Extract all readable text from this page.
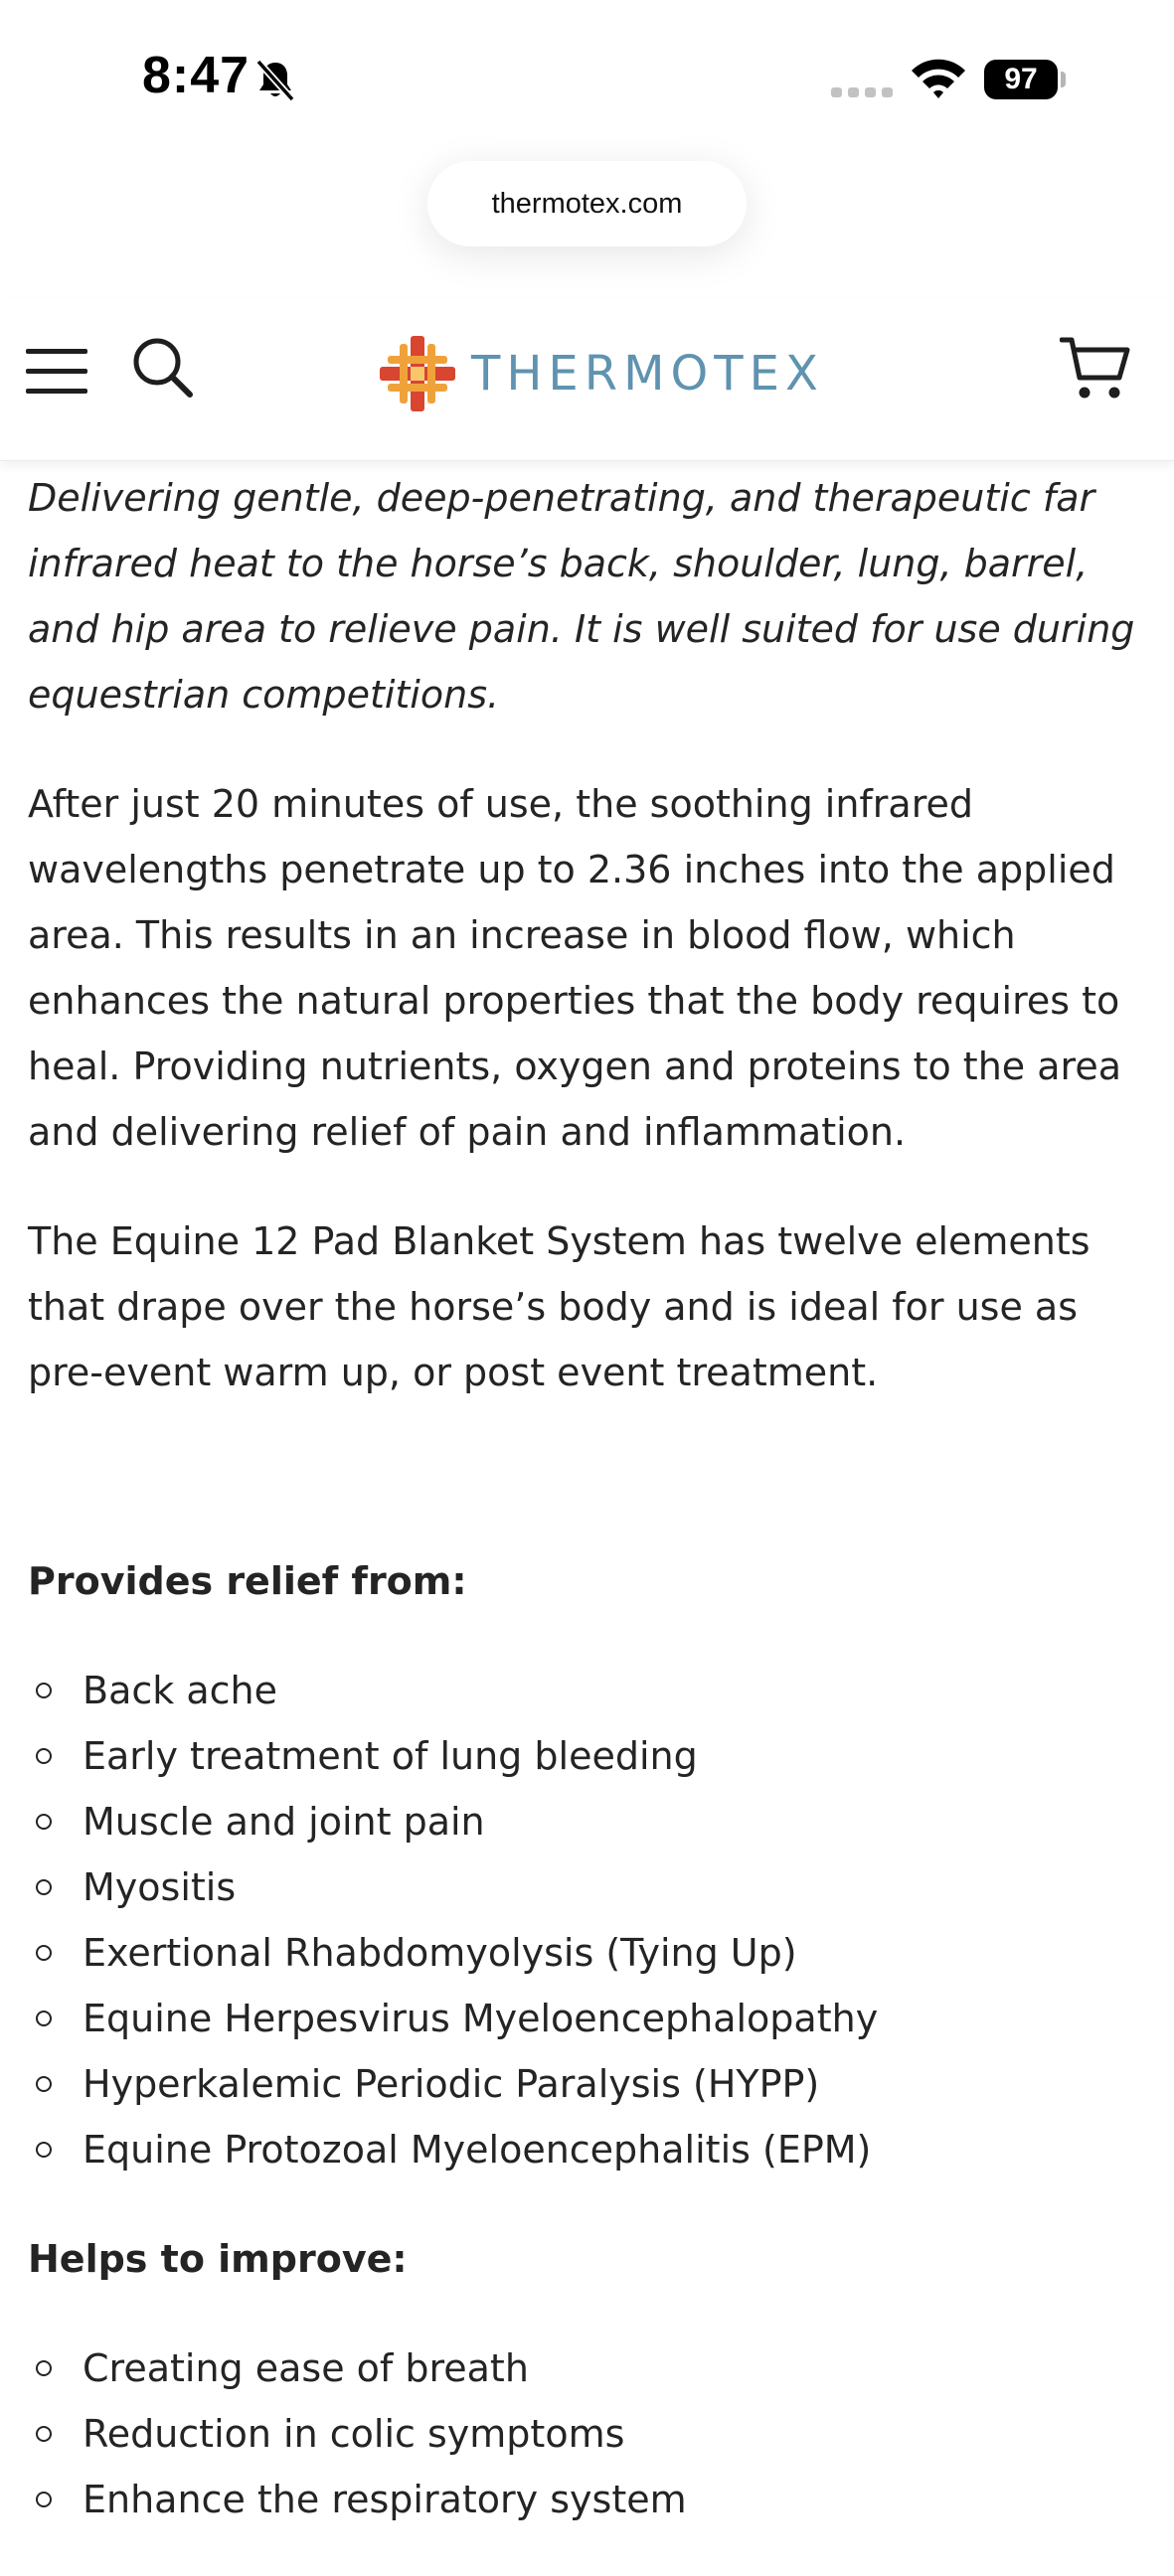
8:47	97
thermotex.com
THERMOTEX

Delivering gentle, deep-penetrating, and therapeutic far infrared heat to the horse’s back, shoulder, lung, barrel, and hip area to relieve pain. It is well suited for use during equestrian competitions.

After just 20 minutes of use, the soothing infrared wavelengths penetrate up to 2.36 inches into the applied area. This results in an increase in blood flow, which enhances the natural properties that the body requires to heal. Providing nutrients, oxygen and proteins to the area and delivering relief of pain and inflammation.

The Equine 12 Pad Blanket System has twelve elements that drape over the horse’s body and is ideal for use as pre-event warm up, or post event treatment.

Provides relief from:

Back ache
Early treatment of lung bleeding
Muscle and joint pain
Myositis
Exertional Rhabdomyolysis (Tying Up)
Equine Herpesvirus Myeloencephalopathy
Hyperkalemic Periodic Paralysis (HYPP)
Equine Protozoal Myeloencephalitis (EPM)

Helps to improve:

Creating ease of breath
Reduction in colic symptoms
Enhance the respiratory system
